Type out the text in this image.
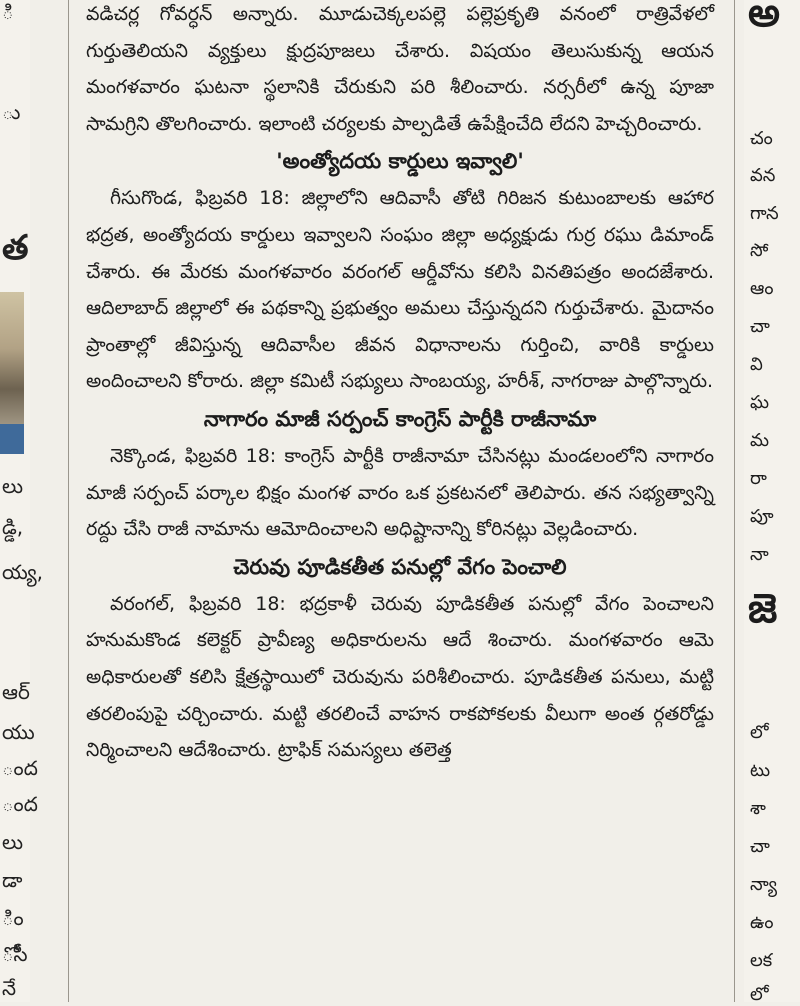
ి
ు
త
లు
డ్డి,
య్య,
ఆర్
యు
ంద
ంద
లు
డా
ిం
ోసీ
నే

వడిచర్ల గోవర్ధన్ అన్నారు. మూడుచెక్కలపల్లె పల్లెప్రకృతి వనంలో రాత్రివేళలో గుర్తుతెలియని వ్యక్తులు క్షుద్రపూజలు చేశారు. విషయం తెలుసుకున్న ఆయన మంగళవారం ఘటనా స్థలానికి చేరుకుని పరి శీలించారు. నర్సరీలో ఉన్న పూజా సామగ్రిని తొలగించారు. ఇలాంటి చర్యలకు పాల్పడితే ఉపేక్షించేది లేదని హెచ్చరించారు.

'అంత్యోదయ కార్డులు ఇవ్వాలి'

గీసుగొండ, ఫిబ్రవరి 18: జిల్లాలోని ఆదివాసీ తోటి గిరిజన కుటుంబాలకు ఆహార భద్రత, అంత్యోదయ కార్డులు ఇవ్వాలని సంఘం జిల్లా అధ్యక్షుడు గుర్ర రఘు డిమాండ్ చేశారు. ఈ మేరకు మంగళవారం వరంగల్ ఆర్డీవోను కలిసి వినతిపత్రం అందజేశారు. ఆదిలాబాద్ జిల్లాలో ఈ పథకాన్ని ప్రభుత్వం అమలు చేస్తున్నదని గుర్తుచేశారు. మైదానం ప్రాంతాల్లో జీవిస్తున్న ఆదివాసీల జీవన విధానాలను గుర్తించి, వారికి కార్డులు అందించాలని కోరారు. జిల్లా కమిటీ సభ్యులు సాంబయ్య, హరీశ్, నాగరాజు పాల్గొన్నారు.

నాగారం మాజీ సర్పంచ్ కాంగ్రెస్ పార్టీకి రాజీనామా

నెక్కొండ, ఫిబ్రవరి 18: కాంగ్రెస్ పార్టీకి రాజీనామా చేసినట్లు మండలంలోని నాగారం మాజీ సర్పంచ్ పర్కాల భిక్షం మంగళ వారం ఒక ప్రకటనలో తెలిపారు. తన సభ్యత్వాన్ని రద్దు చేసి రాజీ నామాను ఆమోదించాలని అధిష్టానాన్ని కోరినట్లు వెల్లడించారు.

చెరువు పూడికతీత పనుల్లో వేగం పెంచాలి

వరంగల్, ఫిబ్రవరి 18: భద్రకాళీ చెరువు పూడికతీత పనుల్లో వేగం పెంచాలని హనుమకొండ కలెక్టర్ ప్రావీణ్య అధికారులను ఆదే శించారు. మంగళవారం ఆమె అధికారులతో కలిసి క్షేత్రస్థాయిలో చెరువును పరిశీలించారు. పూడికతీత పనులు, మట్టి తరలింపుపై చర్చించారు. మట్టి తరలించే వాహన రాకపోకలకు వీలుగా అంత ర్గతరోడ్డు నిర్మించాలని ఆదేశించారు. ట్రాఫిక్ సమస్యలు తలెత్త

అ
చం
వన
గాన
సో
ఆం
చా
వి
ఘ
మ
రా
పూ
నా
జె
లో
టు
శా
చా
న్యా
ఉం
లక
లో
